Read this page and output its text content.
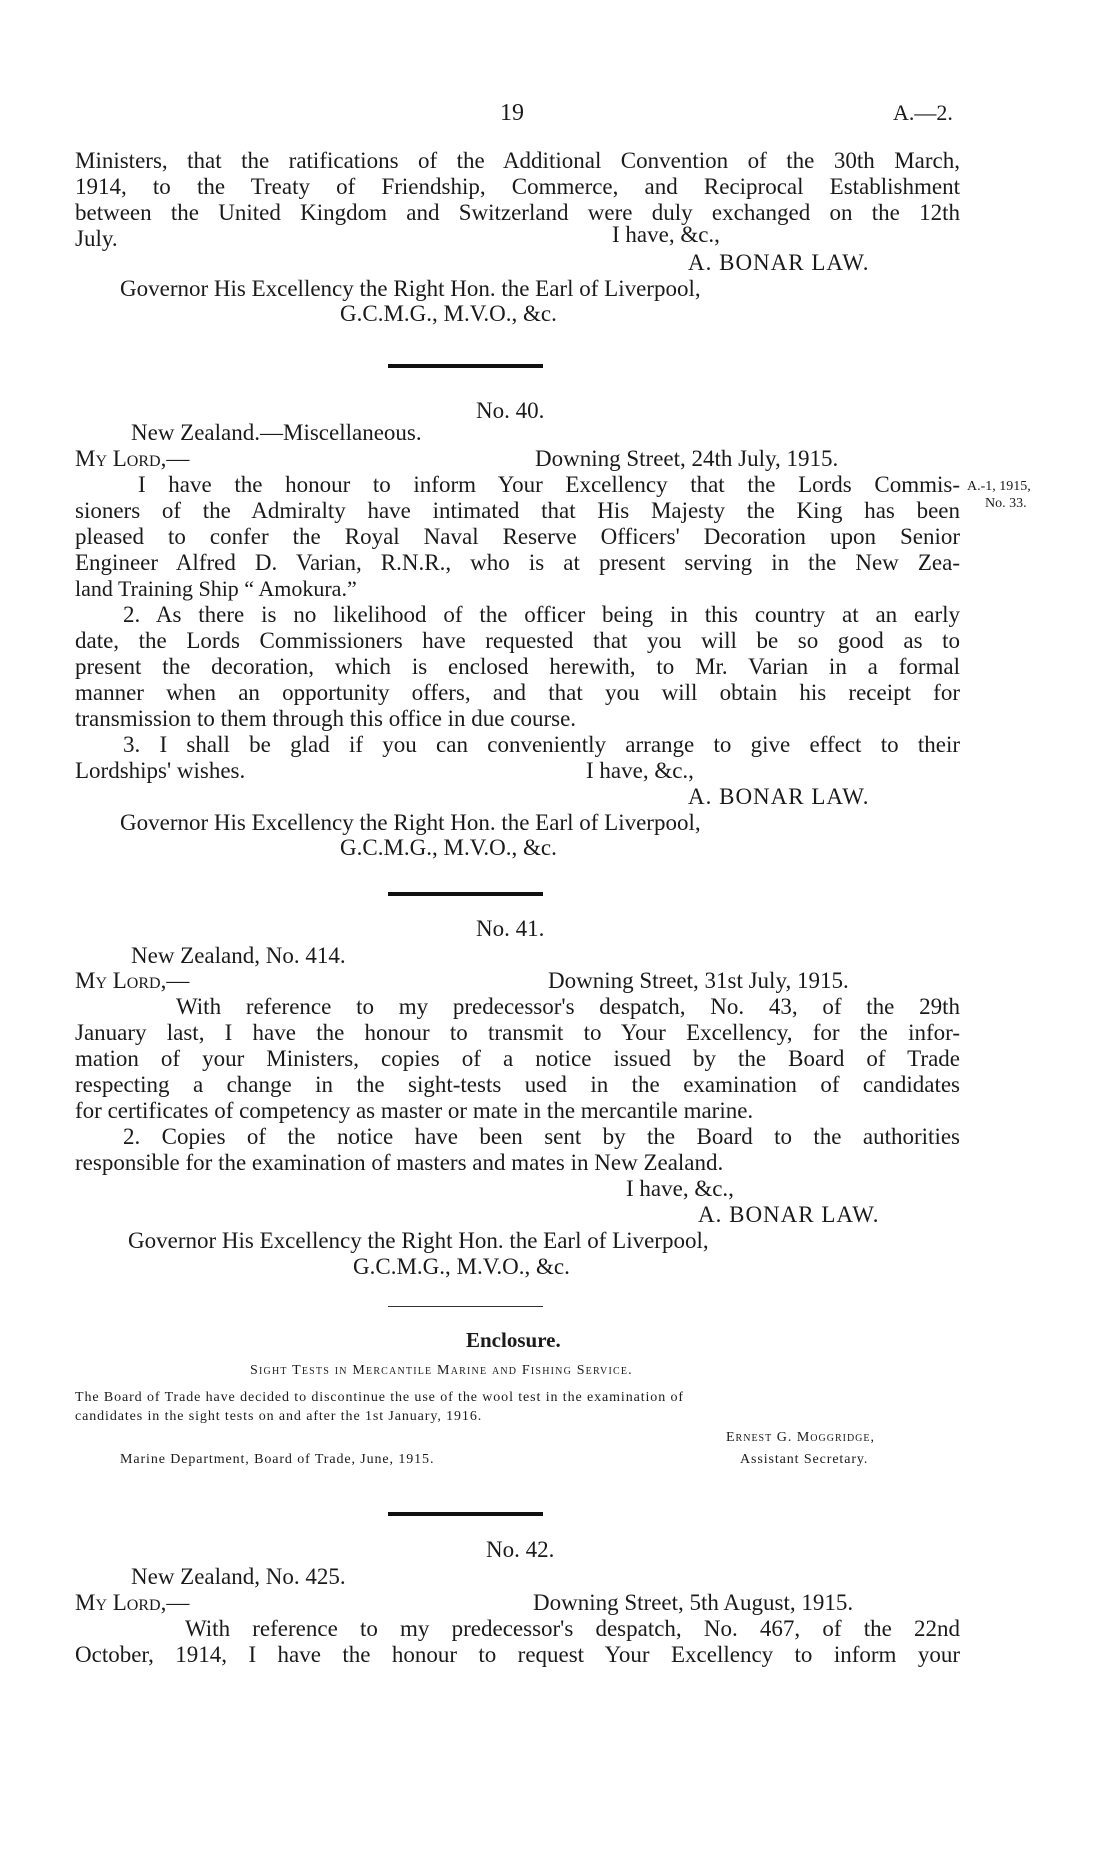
19	A.—2.
Ministers, that the ratifications of the Additional Convention of the 30th March,
1914, to the Treaty of Friendship, Commerce, and Reciprocal Establishment
between the United Kingdom and Switzerland were duly exchanged on the 12th
July.	I have, &c.,
A. BONAR LAW.
Governor His Excellency the Right Hon. the Earl of Liverpool,
G.C.M.G., M.V.O., &c.
No. 40.
New Zealand.—Miscellaneous.
My Lord,—	Downing Street, 24th July, 1915.
A.-1, 1915,
No. 33.
I have the honour to inform Your Excellency that the Lords Commis-
sioners of the Admiralty have intimated that His Majesty the King has been
pleased to confer the Royal Naval Reserve Officers' Decoration upon Senior
Engineer Alfred D. Varian, R.N.R., who is at present serving in the New Zea-
land Training Ship “ Amokura.”
2. As there is no likelihood of the officer being in this country at an early
date, the Lords Commissioners have requested that you will be so good as to
present the decoration, which is enclosed herewith, to Mr. Varian in a formal
manner when an opportunity offers, and that you will obtain his receipt for
transmission to them through this office in due course.
3. I shall be glad if you can conveniently arrange to give effect to their
Lordships' wishes.	I have, &c.,
A. BONAR LAW.
Governor His Excellency the Right Hon. the Earl of Liverpool,
G.C.M.G., M.V.O., &c.
No. 41.
New Zealand, No. 414.
My Lord,—	Downing Street, 31st July, 1915.
With reference to my predecessor's despatch, No. 43, of the 29th
January last, I have the honour to transmit to Your Excellency, for the infor-
mation of your Ministers, copies of a notice issued by the Board of Trade
respecting a change in the sight-tests used in the examination of candidates
for certificates of competency as master or mate in the mercantile marine.
2. Copies of the notice have been sent by the Board to the authorities
responsible for the examination of masters and mates in New Zealand.
I have, &c.,
A. BONAR LAW.
Governor His Excellency the Right Hon. the Earl of Liverpool,
G.C.M.G., M.V.O., &c.
Enclosure.
Sight Tests in Mercantile Marine and Fishing Service.
The Board of Trade have decided to discontinue the use of the wool test in the examination of
candidates in the sight tests on and after the 1st January, 1916.
Ernest G. Moggridge,
Marine Department, Board of Trade, June, 1915.	Assistant Secretary.
No. 42.
New Zealand, No. 425.
My Lord,—	Downing Street, 5th August, 1915.
With reference to my predecessor's despatch, No. 467, of the 22nd
October, 1914, I have the honour to request Your Excellency to inform your
